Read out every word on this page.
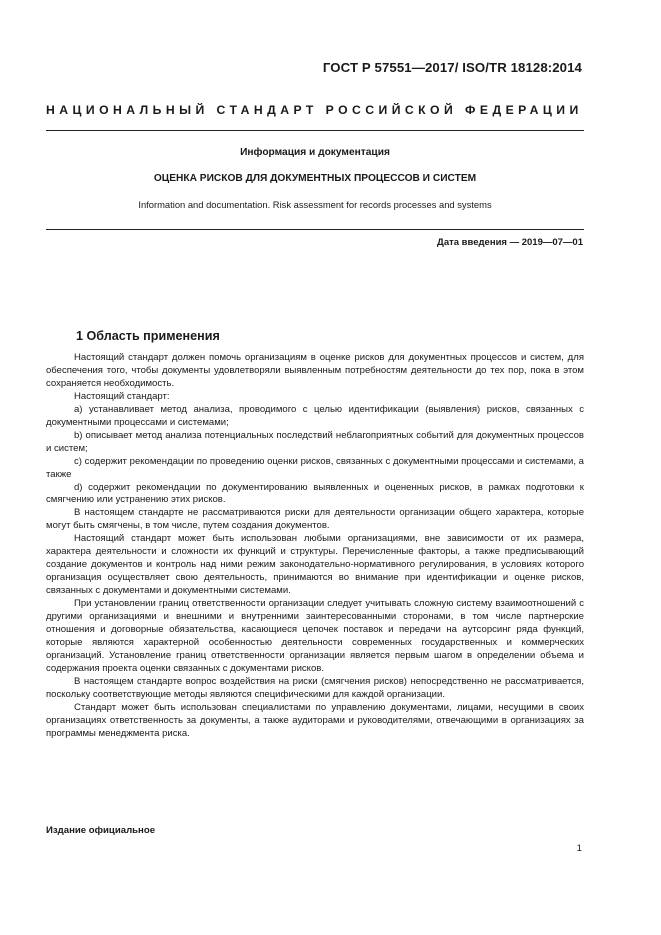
ГОСТ Р 57551—2017/ ISO/TR 18128:2014
НАЦИОНАЛЬНЫЙ СТАНДАРТ РОССИЙСКОЙ ФЕДЕРАЦИИ
Информация и документация
ОЦЕНКА РИСКОВ ДЛЯ ДОКУМЕНТНЫХ ПРОЦЕССОВ И СИСТЕМ
Information and documentation. Risk assessment for records processes and systems
Дата введения — 2019—07—01
1 Область применения

Настоящий стандарт должен помочь организациям в оценке рисков для документных процессов и систем, для обеспечения того, чтобы документы удовлетворяли выявленным потребностям деятельности до тех пор, пока в этом сохраняется необходимость.

Настоящий стандарт:

a) устанавливает метод анализа, проводимого с целью идентификации (выявления) рисков, связанных с документными процессами и системами;

b) описывает метод анализа потенциальных последствий неблагоприятных событий для документных процессов и систем;

c) содержит рекомендации по проведению оценки рисков, связанных с документными процессами и системами, а также

d) содержит рекомендации по документированию выявленных и оцененных рисков, в рамках подготовки к смягчению или устранению этих рисков.

В настоящем стандарте не рассматриваются риски для деятельности организации общего характера, которые могут быть смягчены, в том числе, путем создания документов.

Настоящий стандарт может быть использован любыми организациями, вне зависимости от их размера, характера деятельности и сложности их функций и структуры. Перечисленные факторы, а также предписывающий создание документов и контроль над ними режим законодательно-нормативного регулирования, в условиях которого организация осуществляет свою деятельность, принимаются во внимание при идентификации и оценке рисков, связанных с документами и документными системами.

При установлении границ ответственности организации следует учитывать сложную систему взаимоотношений с другими организациями и внешними и внутренними заинтересованными сторонами, в том числе партнерские отношения и договорные обязательства, касающиеся цепочек поставок и передачи на аутсорсинг ряда функций, которые являются характерной особенностью деятельности современных государственных и коммерческих организаций. Установление границ ответственности организации является первым шагом в определении объема и содержания проекта оценки связанных с документами рисков.

В настоящем стандарте вопрос воздействия на риски (смягчения рисков) непосредственно не рассматривается, поскольку соответствующие методы являются специфическими для каждой организации.

Стандарт может быть использован специалистами по управлению документами, лицами, несущими в своих организациях ответственность за документы, а также аудиторами и руководителями, отвечающими в организациях за программы менеджмента риска.

Издание официальное
1
